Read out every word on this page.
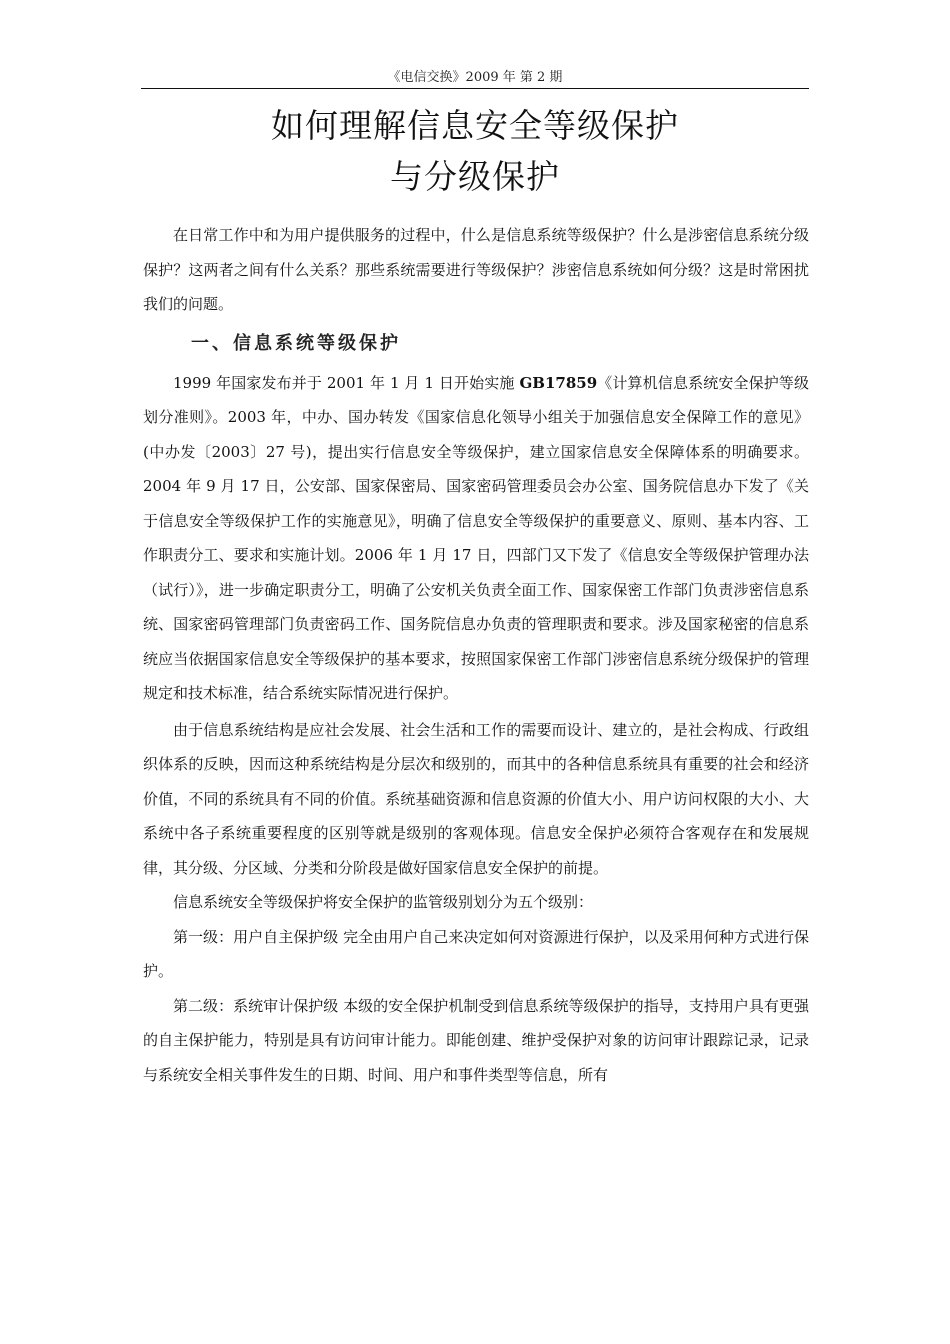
《电信交换》2009 年 第 2 期
如何理解信息安全等级保护
与分级保护

在日常工作中和为用户提供服务的过程中，什么是信息系统等级保护？什么是涉密信息系统分级保护？这两者之间有什么关系？那些系统需要进行等级保护？涉密信息系统如何分级？这是时常困扰我们的问题。

一、信息系统等级保护

1999 年国家发布并于 2001 年 1 月 1 日开始实施 GB17859《计算机信息系统安全保护等级划分准则》。2003 年，中办、国办转发《国家信息化领导小组关于加强信息安全保障工作的意见》(中办发〔2003〕27 号)，提出实行信息安全等级保护，建立国家信息安全保障体系的明确要求。2004 年 9 月 17 日，公安部、国家保密局、国家密码管理委员会办公室、国务院信息办下发了《关于信息安全等级保护工作的实施意见》，明确了信息安全等级保护的重要意义、原则、基本内容、工作职责分工、要求和实施计划。2006 年 1 月 17 日，四部门又下发了《信息安全等级保护管理办法（试行）》，进一步确定职责分工，明确了公安机关负责全面工作、国家保密工作部门负责涉密信息系统、国家密码管理部门负责密码工作、国务院信息办负责的管理职责和要求。涉及国家秘密的信息系统应当依据国家信息安全等级保护的基本要求，按照国家保密工作部门涉密信息系统分级保护的管理规定和技术标准，结合系统实际情况进行保护。

由于信息系统结构是应社会发展、社会生活和工作的需要而设计、建立的，是社会构成、行政组织体系的反映，因而这种系统结构是分层次和级别的，而其中的各种信息系统具有重要的社会和经济价值，不同的系统具有不同的价值。系统基础资源和信息资源的价值大小、用户访问权限的大小、大系统中各子系统重要程度的区别等就是级别的客观体现。信息安全保护必须符合客观存在和发展规律，其分级、分区域、分类和分阶段是做好国家信息安全保护的前提。

信息系统安全等级保护将安全保护的监管级别划分为五个级别：

第一级：用户自主保护级 完全由用户自己来决定如何对资源进行保护，以及采用何种方式进行保护。

第二级：系统审计保护级 本级的安全保护机制受到信息系统等级保护的指导，支持用户具有更强的自主保护能力，特别是具有访问审计能力。即能创建、维护受保护对象的访问审计跟踪记录，记录与系统安全相关事件发生的日期、时间、用户和事件类型等信息，所有
